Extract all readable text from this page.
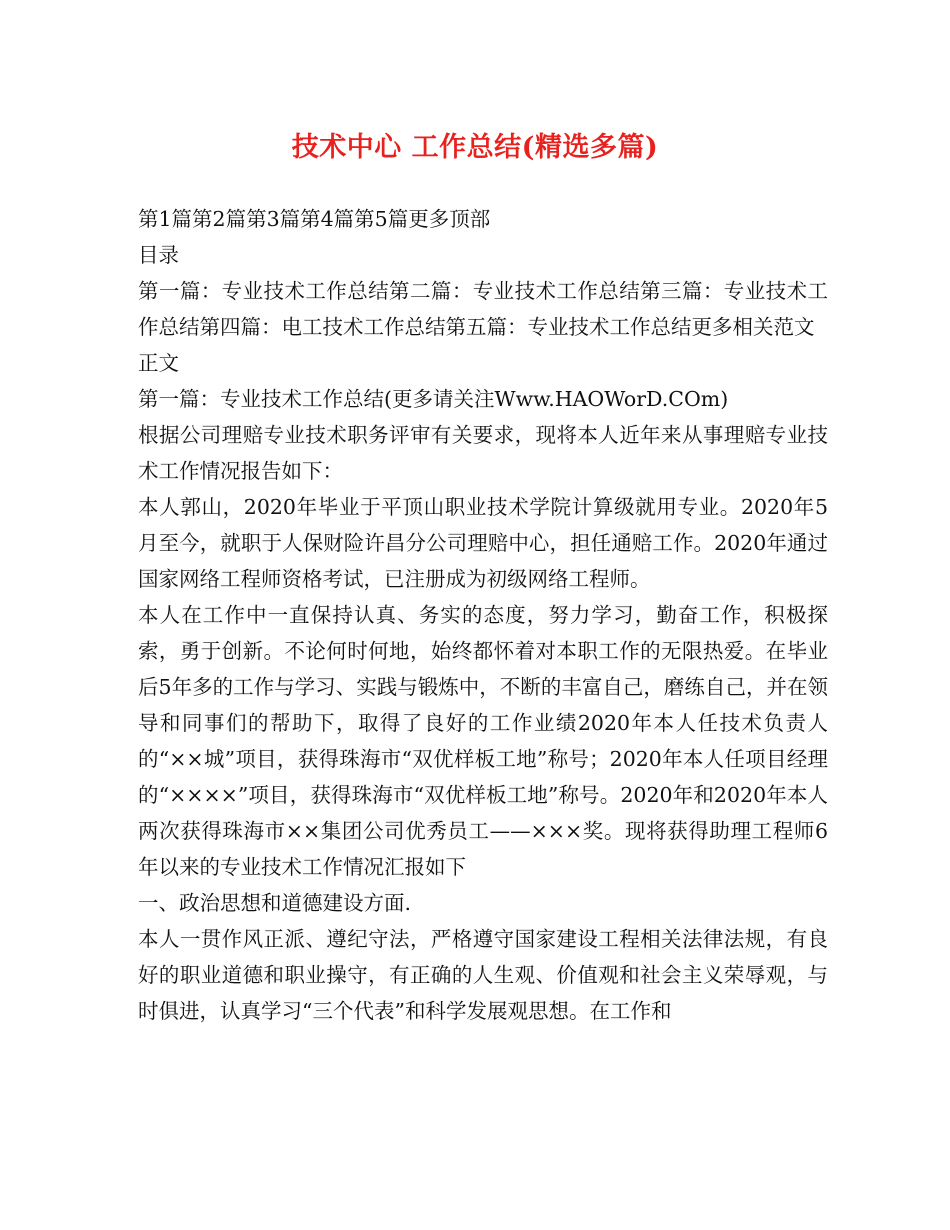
技术中心 工作总结(精选多篇)

第1篇第2篇第3篇第4篇第5篇更多顶部

目录

第一篇：专业技术工作总结第二篇：专业技术工作总结第三篇：专业技术工作总结第四篇：电工技术工作总结第五篇：专业技术工作总结更多相关范文

正文

第一篇：专业技术工作总结(更多请关注Www.HAOWorD.COm)

根据公司理赔专业技术职务评审有关要求，现将本人近年来从事理赔专业技术工作情况报告如下：

本人郭山，2020年毕业于平顶山职业技术学院计算级就用专业。2020年5月至今，就职于人保财险许昌分公司理赔中心，担任通赔工作。2020年通过国家网络工程师资格考试，已注册成为初级网络工程师。

本人在工作中一直保持认真、务实的态度，努力学习，勤奋工作，积极探索，勇于创新。不论何时何地，始终都怀着对本职工作的无限热爱。在毕业后5年多的工作与学习、实践与锻炼中，不断的丰富自己，磨练自己，并在领导和同事们的帮助下，取得了良好的工作业绩2020年本人任技术负责人的“××城”项目，获得珠海市“双优样板工地”称号；2020年本人任项目经理的“××××”项目，获得珠海市“双优样板工地”称号。2020年和2020年本人两次获得珠海市××集团公司优秀员工——×××奖。现将获得助理工程师6年以来的专业技术工作情况汇报如下

一、政治思想和道德建设方面.

本人一贯作风正派、遵纪守法，严格遵守国家建设工程相关法律法规，有良好的职业道德和职业操守，有正确的人生观、价值观和社会主义荣辱观，与时俱进，认真学习“三个代表”和科学发展观思想。在工作和
